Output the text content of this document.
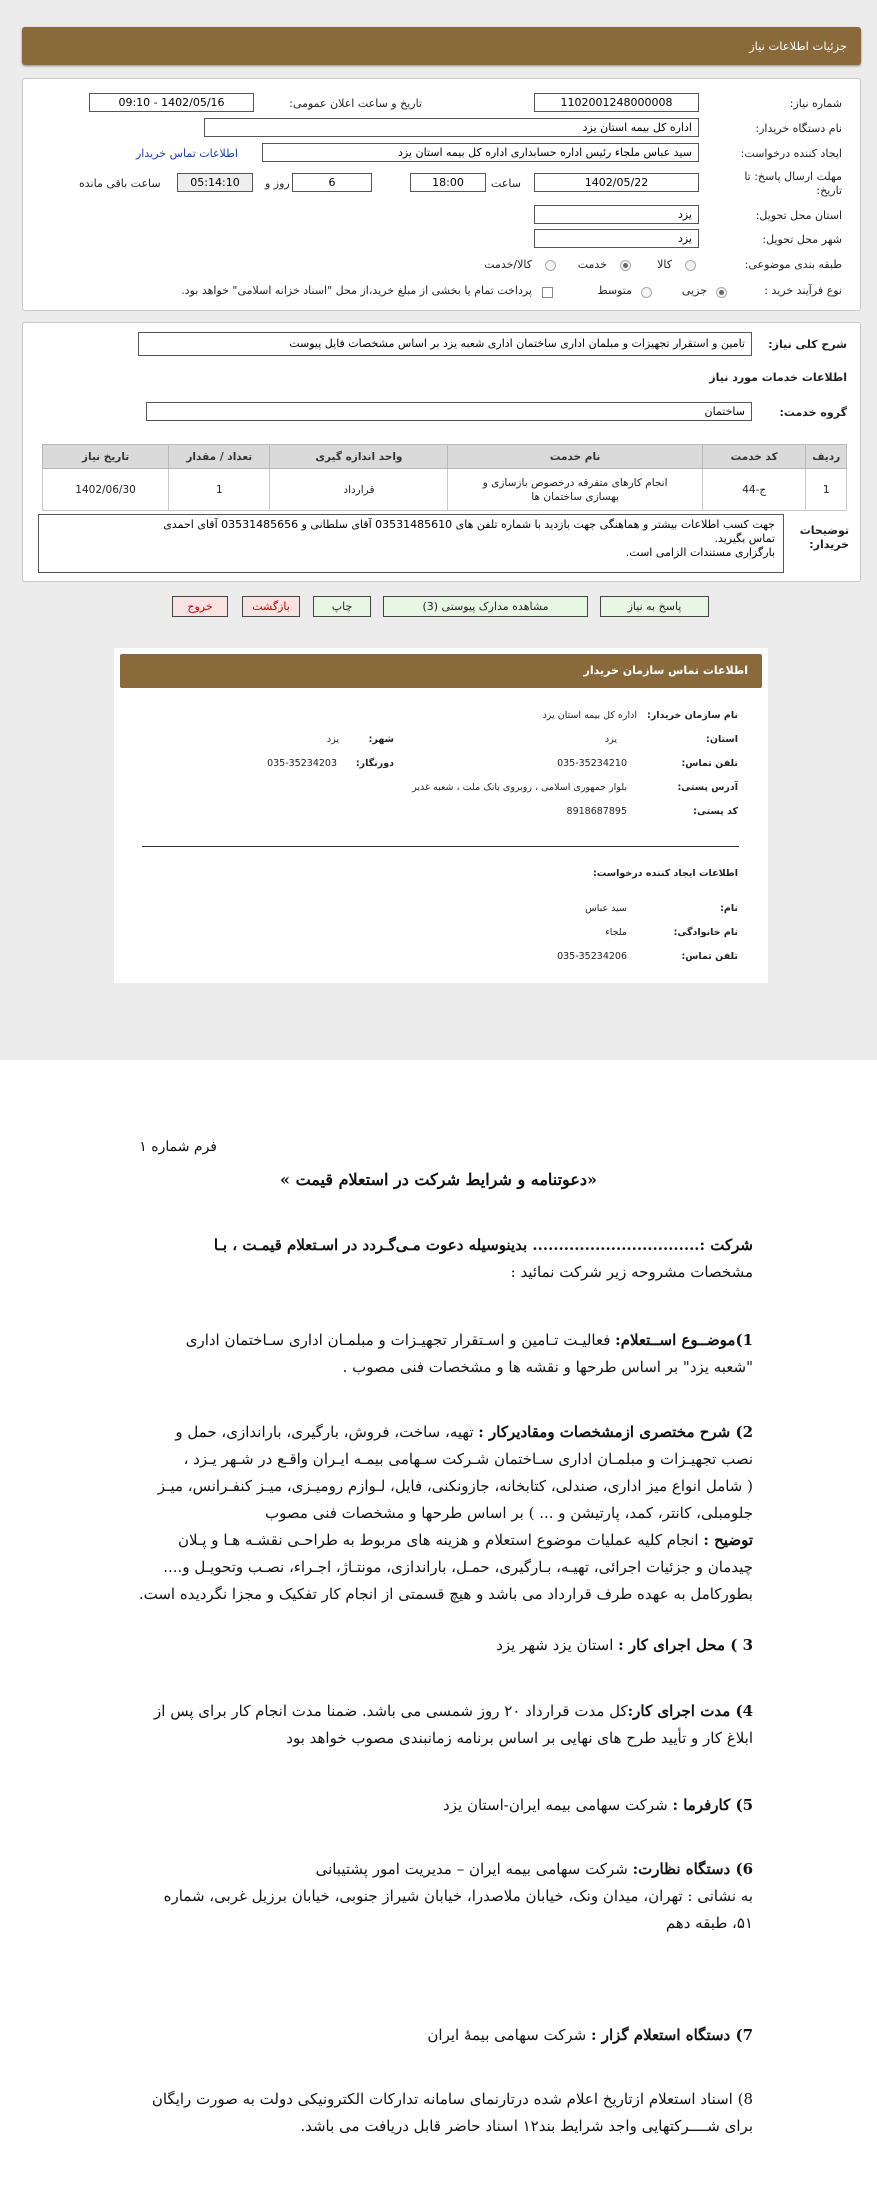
جزئیات اطلاعات نیاز
شماره نیاز:
1102001248000008
تاریخ و ساعت اعلان عمومی:
1402/05/16 - 09:10
نام دستگاه خریدار:
اداره کل بیمه استان یزد
ایجاد کننده درخواست:
سید عباس ملجاء رئیس اداره حسابداری اداره کل بیمه استان یزد
اطلاعات تماس خریدار
مهلت ارسال پاسخ: تا تاریخ:
1402/05/22
ساعت
18:00
6
روز و
05:14:10
ساعت باقی مانده
استان محل تحویل:
یزد
شهر محل تحویل:
یزد
طبقه بندی موضوعی:
کالا
خدمت
کالا/خدمت
نوع فرآیند خرید :
جزیی
متوسط
پرداخت تمام یا بخشی از مبلغ خرید،از محل "اسناد خزانه اسلامی" خواهد بود.
شرح کلی نیاز:
تامین و استقرار تجهیزات و مبلمان اداری ساختمان اداری شعبه یزد بر اساس مشخصات فایل پیوست
اطلاعات خدمات مورد نیاز
گروه خدمت:
ساختمان
ردیف	کد خدمت	نام خدمت	واحد اندازه گیری	تعداد / مقدار	تاریخ نیاز
1	ج-44	انجام کارهای متفرقه درخصوص بازسازی و بهسازی ساختمان ها	قرارداد	1	1402/06/30
توضیحات خریدار:
جهت کسب اطلاعات بیشتر و هماهنگی جهت بازدید با شماره تلفن های 03531485610 آقای سلطانی و 03531485656 آقای احمدی
تماس بگیرید.
بارگزاری مستندات الزامی است.
پاسخ به نیاز
مشاهده مدارک پیوستی (3)
چاپ
بازگشت
خروج
اطلاعات تماس سازمان خریدار
نام سازمان خریدار:
اداره کل بیمه استان یزد
استان:
یزد
شهر:
یزد
تلفن تماس:
035-35234210
دورنگار:
035-35234203
آدرس پستی:
بلوار جمهوری اسلامی ، روبروی بانک ملت ، شعبه غدیر
کد پستی:
8918687895
اطلاعات ایجاد کننده درخواست:
نام:
سید عباس
نام خانوادگی:
ملجاء
تلفن تماس:
035-35234206
فرم شماره ۱
«دعوتنامه و شرایط شرکت در استعلام قیمت »
شرکت :................................ بدینوسیله دعوت مـی‌گـردد در اسـتعلام قیمـت ، بـا
مشخصات مشروحه زیر شرکت نمائید :
1)موضــوع اســتعلام: فعالیـت تـامین و اسـتقرار تجهیـزات و مبلمـان اداری سـاختمان اداری
"شعبه یزد" بر اساس طرحها و نقشه ها و مشخصات فنی مصوب .
2) شرح مختصری ازمشخصات ومقادیرکار : تهیه، ساخت، فروش، بارگیری، باراندازی، حمل و
نصب تجهیـزات و مبلمـان اداری سـاختمان شـرکت سـهامی بیمـه ایـران واقـع در شـهر یـزد ،
( شامل انواع میز اداری، صندلی، کتابخانه، جازونکنی، فایل، لـوازم رومیـزی، میـز کنفـرانس، میـز
جلومبلی، کانتر، کمد، پارتیشن و ... ) بر اساس طرحها و مشخصات فنی مصوب
توضیح : انجام کلیه عملیات موضوع استعلام و هزینه های مربوط به طراحـی نقشـه هـا و پـلان
چیدمان و جزئیات اجرائی، تهیـه، بـارگیری، حمـل، باراندازی، مونتـاژ، اجـراء، نصـب وتحویـل و....
بطورکامل به عهده طرف قرارداد می باشد و هیچ قسمتی از انجام کار تفکیک و مجزا نگردیده است.
3 ) محل اجرای کار : استان یزد شهر یزد
4) مدت اجرای کار:کل مدت قرارداد ۲۰ روز شمسی می باشد. ضمنا مدت انجام کار برای پس از
ابلاغ کار و تأیید طرح های نهایی بر اساس برنامه زمانبندی مصوب خواهد بود
5) کارفرما : شرکت سهامی بیمه ایران-استان یزد
6) دستگاه نظارت: شرکت سهامی بیمه ایران – مدیریت امور پشتیبانی
به نشانی : تهران، میدان ونک، خیابان ملاصدرا، خیابان شیراز جنوبی، خیابان برزیل غربی، شماره
۵۱، طبقه دهم
7) دستگاه استعلام گزار : شرکت سهامی بیمۀ ایران
8) اسناد استعلام ازتاریخ اعلام شده درتارنمای سامانه تدارکات الکترونیکی دولت به صورت رایگان
برای شــــرکتهایی واجد شرایط بند۱۲ اسناد حاضر قابل دریافت می باشد.
